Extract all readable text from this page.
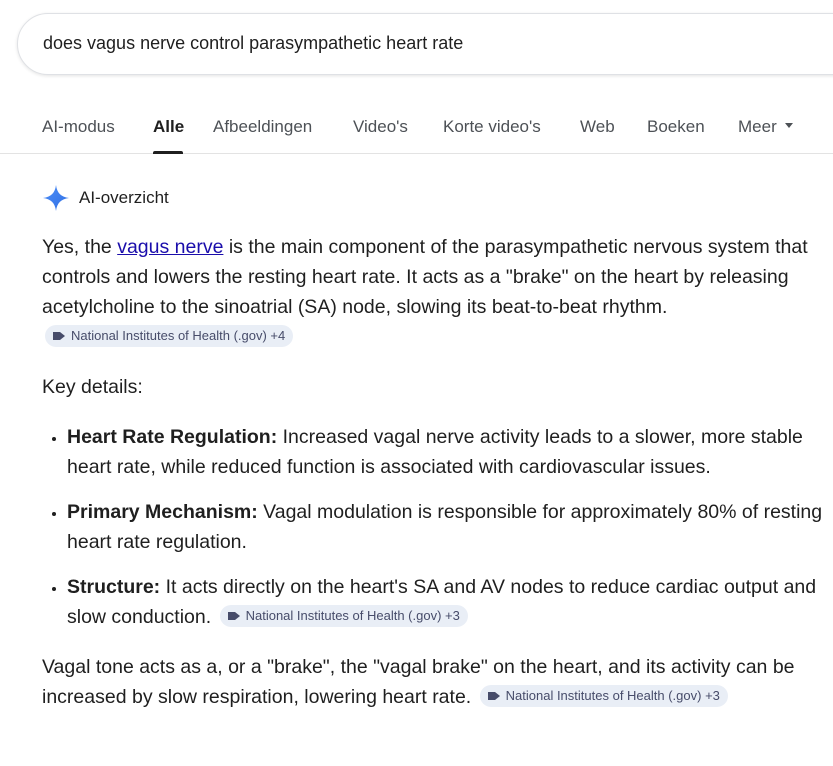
does vagus nerve control parasympathetic heart rate
AI-modus Alle Afbeeldingen Video's Korte video's Web Boeken Meer
AI-overzicht

Yes, the vagus nerve is the main component of the parasympathetic nervous system that controls and lowers the resting heart rate. It acts as a "brake" on the heart by releasing acetylcholine to the sinoatrial (SA) node, slowing its beat-to-beat rhythm.
National Institutes of Health (.gov) +4

Key details:

• Heart Rate Regulation: Increased vagal nerve activity leads to a slower, more stable heart rate, while reduced function is associated with cardiovascular issues.
• Primary Mechanism: Vagal modulation is responsible for approximately 80% of resting heart rate regulation.
• Structure: It acts directly on the heart's SA and AV nodes to reduce cardiac output and slow conduction.	National Institutes of Health (.gov) +3

Vagal tone acts as a, or a "brake", the "vagal brake" on the heart, and its activity can be increased by slow respiration, lowering heart rate.	National Institutes of Health (.gov) +3
